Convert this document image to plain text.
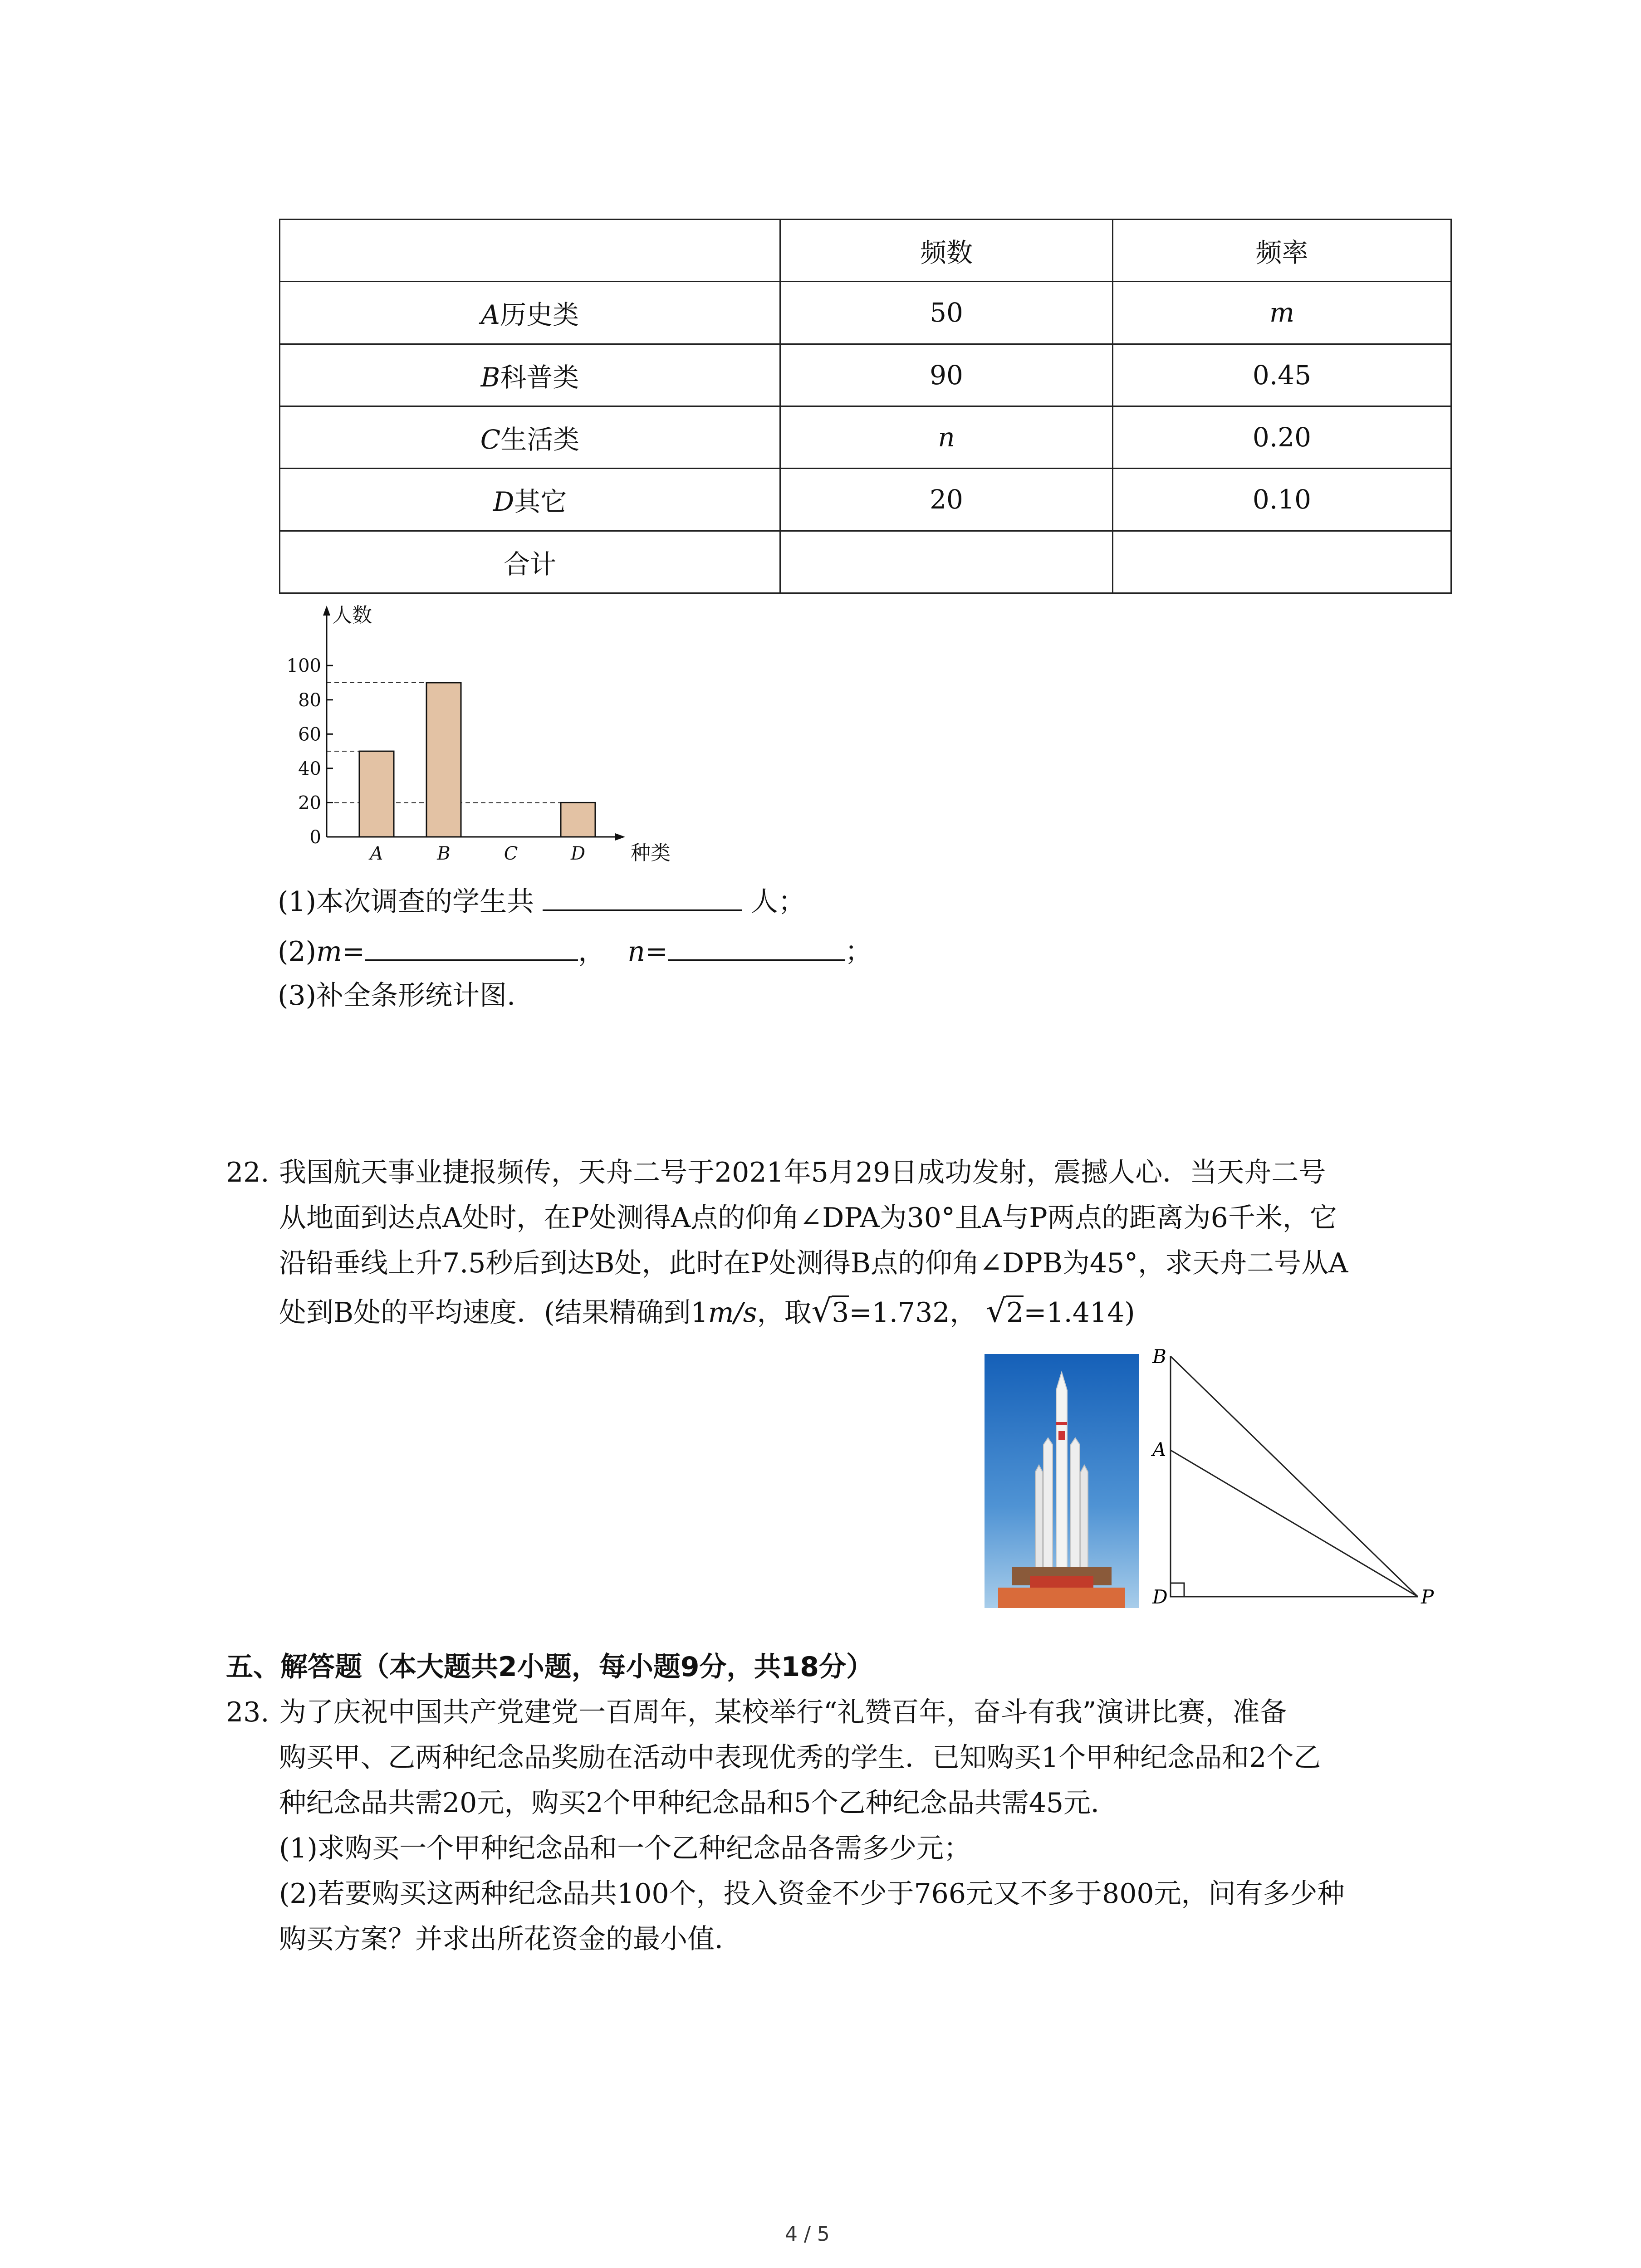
	频数	频率
A历史类	50	m
B科普类	90	0.45
C生活类	n	0.20
D其它	20	0.10
合计		
0
20
40
60
80
100
A	B	C	D
人数
种类
(1)本次调查的学生共	人；
(2)m=	， n=	；
(3)补全条形统计图.
22. 我国航天事业捷报频传，天舟二号于2021年5月29日成功发射，震撼人心．当天舟二号
从地面到达点A处时，在P处测得A点的仰角∠DPA为30°且A与P两点的距离为6千米，它
沿铅垂线上升7.5秒后到达B处，此时在P处测得B点的仰角∠DPB为45°，求天舟二号从A
处到B处的平均速度．(结果精确到1m/s，取√3=1.732， √2=1.414)
B
A
D	P
五、解答题（本大题共2小题，每小题9分，共18分）
23. 为了庆祝中国共产党建党一百周年，某校举行“礼赞百年，奋斗有我”演讲比赛，准备
购买甲、乙两种纪念品奖励在活动中表现优秀的学生．已知购买1个甲种纪念品和2个乙
种纪念品共需20元，购买2个甲种纪念品和5个乙种纪念品共需45元．
(1)求购买一个甲种纪念品和一个乙种纪念品各需多少元；
(2)若要购买这两种纪念品共100个，投入资金不少于766元又不多于800元，问有多少种
购买方案？并求出所花资金的最小值．
4 / 5
